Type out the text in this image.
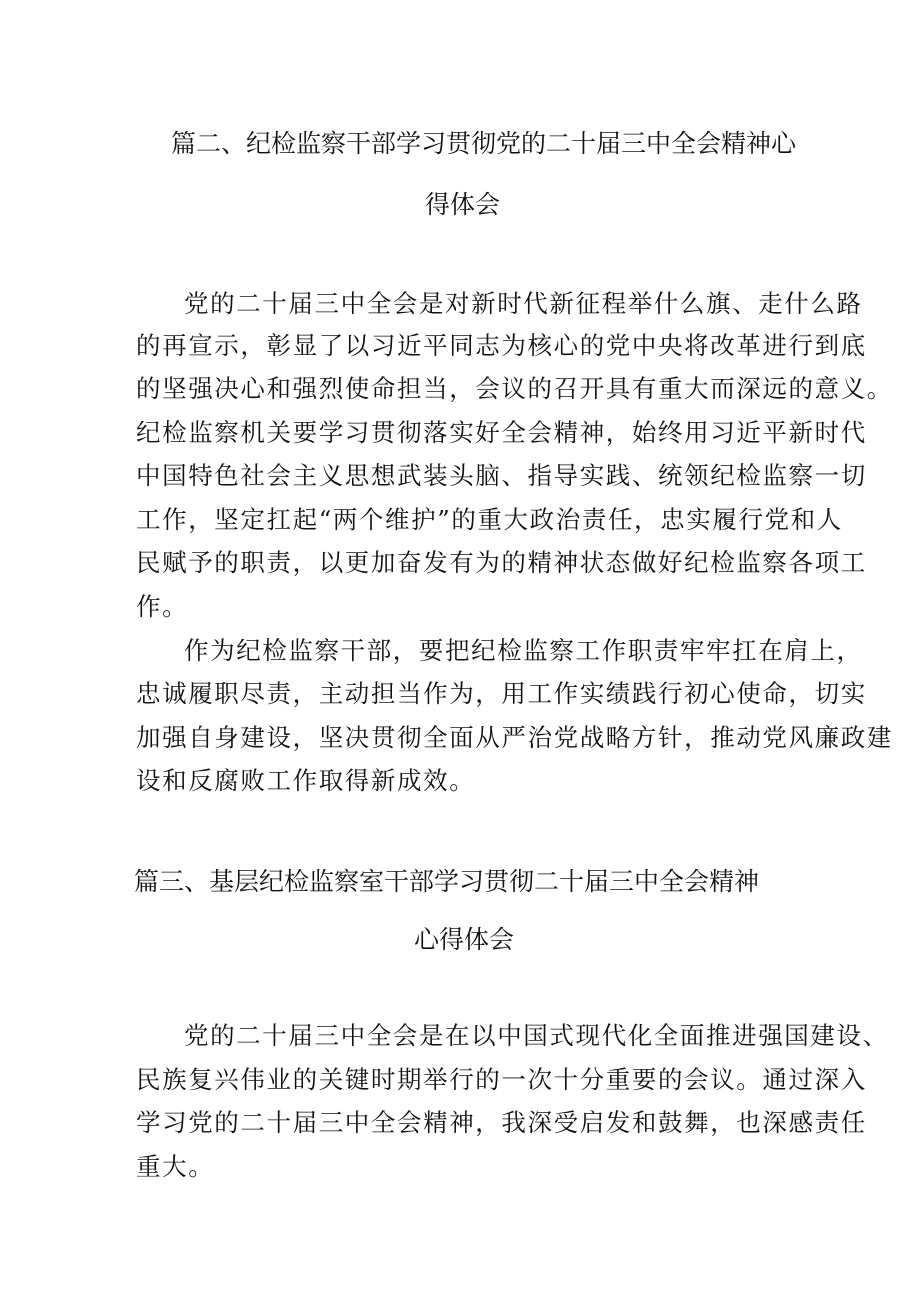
篇二、纪检监察干部学习贯彻党的二十届三中全会精神心
得体会
党的二十届三中全会是对新时代新征程举什么旗、走什么路
的再宣示，彰显了以习近平同志为核心的党中央将改革进行到底
的坚强决心和强烈使命担当，会议的召开具有重大而深远的意义。
纪检监察机关要学习贯彻落实好全会精神，始终用习近平新时代
中国特色社会主义思想武装头脑、指导实践、统领纪检监察一切
工作，坚定扛起“两个维护”的重大政治责任，忠实履行党和人
民赋予的职责，以更加奋发有为的精神状态做好纪检监察各项工
作。
作为纪检监察干部，要把纪检监察工作职责牢牢扛在肩上，
忠诚履职尽责，主动担当作为，用工作实绩践行初心使命，切实
加强自身建设，坚决贯彻全面从严治党战略方针，推动党风廉政建
设和反腐败工作取得新成效。
篇三、基层纪检监察室干部学习贯彻二十届三中全会精神
心得体会
党的二十届三中全会是在以中国式现代化全面推进强国建设、
民族复兴伟业的关键时期举行的一次十分重要的会议。通过深入
学习党的二十届三中全会精神，我深受启发和鼓舞，也深感责任
重大。
